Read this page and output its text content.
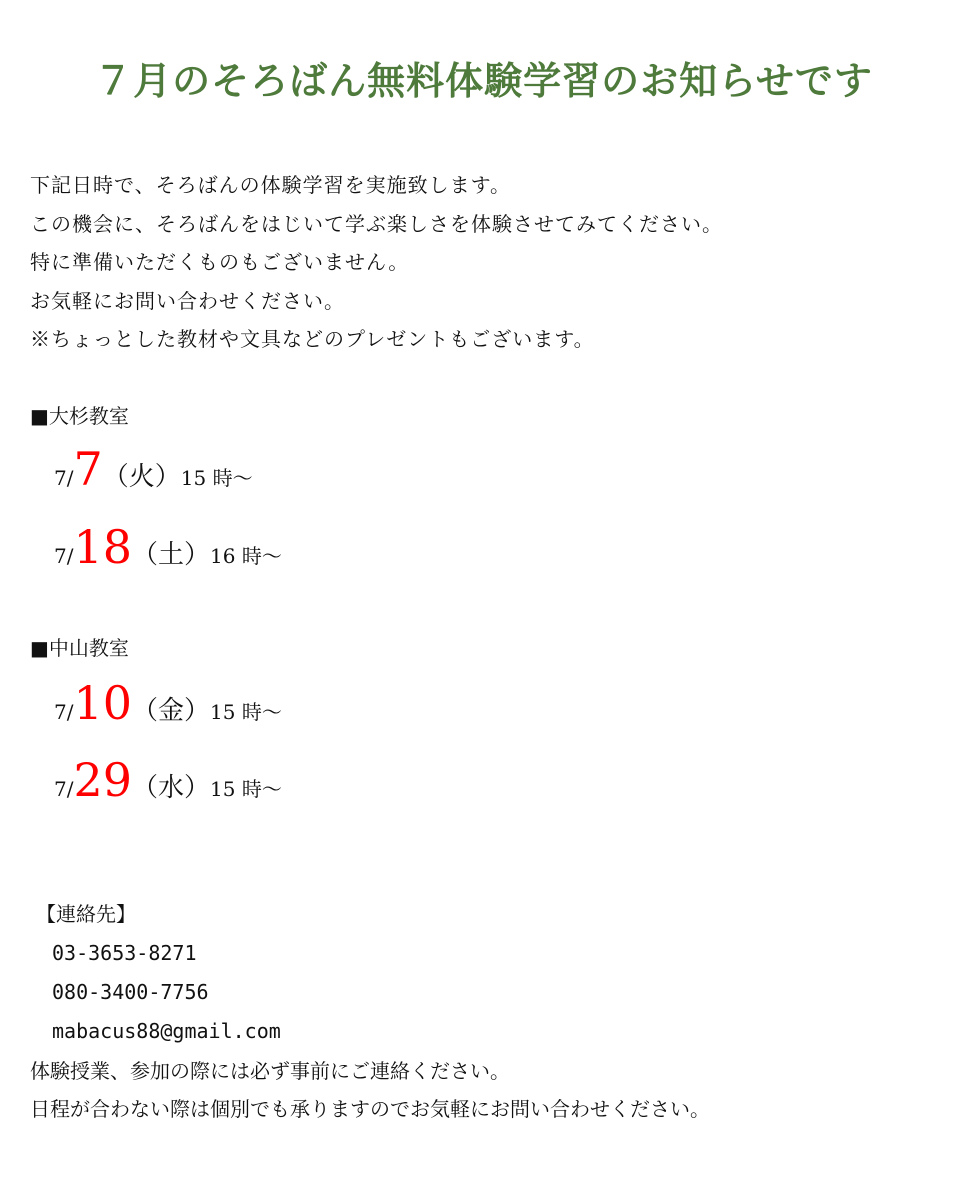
７月のそろばん無料体験学習のお知らせです
下記日時で、そろばんの体験学習を実施致します。
この機会に、そろばんをはじいて学ぶ楽しさを体験させてみてください。
特に準備いただくものもございません。
お気軽にお問い合わせください。
※ちょっとした教材や文具などのプレゼントもございます。
■大杉教室
7/7（火）15 時～
7/18（土）16 時～
■中山教室
7/10（金）15 時～
7/29（水）15 時～
【連絡先】
03-3653-8271
080-3400-7756
mabacus88@gmail.com
体験授業、参加の際には必ず事前にご連絡ください。
日程が合わない際は個別でも承りますのでお気軽にお問い合わせください。
